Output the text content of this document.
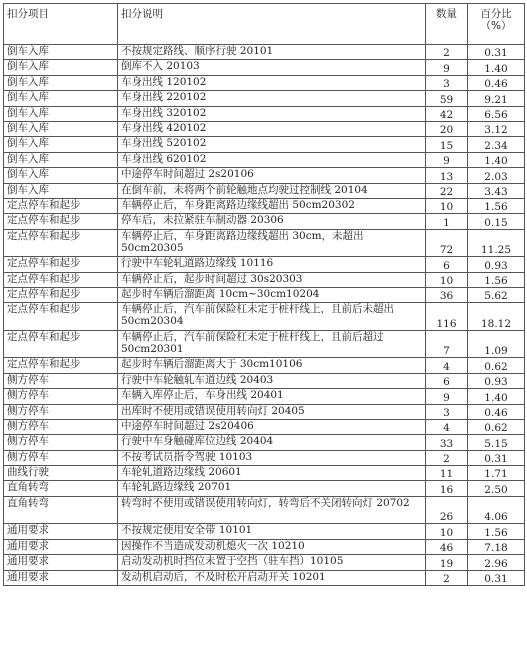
扣分项目	扣分说明	数量	百分比
（%）
倒车入库	不按规定路线、顺序行驶 20101	2	0.31
倒车入库	倒库不入 20103	9	1.40
倒车入库	车身出线 120102	3	0.46
倒车入库	车身出线 220102	59	9.21
倒车入库	车身出线 320102	42	6.56
倒车入库	车身出线 420102	20	3.12
倒车入库	车身出线 520102	15	2.34
倒车入库	车身出线 620102	9	1.40
倒车入库	中途停车时间超过 2s20106	13	2.03
倒车入库	在倒车前，未将两个前轮触地点均驶过控制线 20104	22	3.43
定点停车和起步	车辆停止后，车身距离路边缘线超出 50cm20302	10	1.56
定点停车和起步	停车后，未拉紧驻车制动器 20306	1	0.15
定点停车和起步	车辆停止后，车身距离路边缘线超出 30cm，未超出 50cm20305	72	11.25
定点停车和起步	行驶中车轮轧道路边缘线 10116	6	0.93
定点停车和起步	车辆停止后，起步时间超过 30s20303	10	1.56
定点停车和起步	起步时车辆后溜距离 10cm~30cm10204	36	5.62
定点停车和起步	车辆停止后，汽车前保险杠未定于桩杆线上，且前后未超出 50cm20304	116	18.12
定点停车和起步	车辆停止后，汽车前保险杠未定于桩杆线上，且前后超过 50cm20301	7	1.09
定点停车和起步	起步时车辆后溜距离大于 30cm10106	4	0.62
侧方停车	行驶中车轮触轧车道边线 20403	6	0.93
侧方停车	车辆入库停止后，车身出线 20401	9	1.40
侧方停车	出库时不使用或错误使用转向灯 20405	3	0.46
侧方停车	中途停车时间超过 2s20406	4	0.62
侧方停车	行驶中车身触碰库位边线 20404	33	5.15
侧方停车	不按考试员指令驾驶 10103	2	0.31
曲线行驶	车轮轧道路边缘线 20601	11	1.71
直角转弯	车轮轧路边缘线 20701	16	2.50
直角转弯	转弯时不使用或错误使用转向灯，转弯后不关闭转向灯 20702	26	4.06
通用要求	不按规定使用安全带 10101	10	1.56
通用要求	因操作不当造成发动机熄火一次 10210	46	7.18
通用要求	启动发动机时挡位未置于空挡（驻车挡）10105	19	2.96
通用要求	发动机启动后，不及时松开启动开关 10201	2	0.31
